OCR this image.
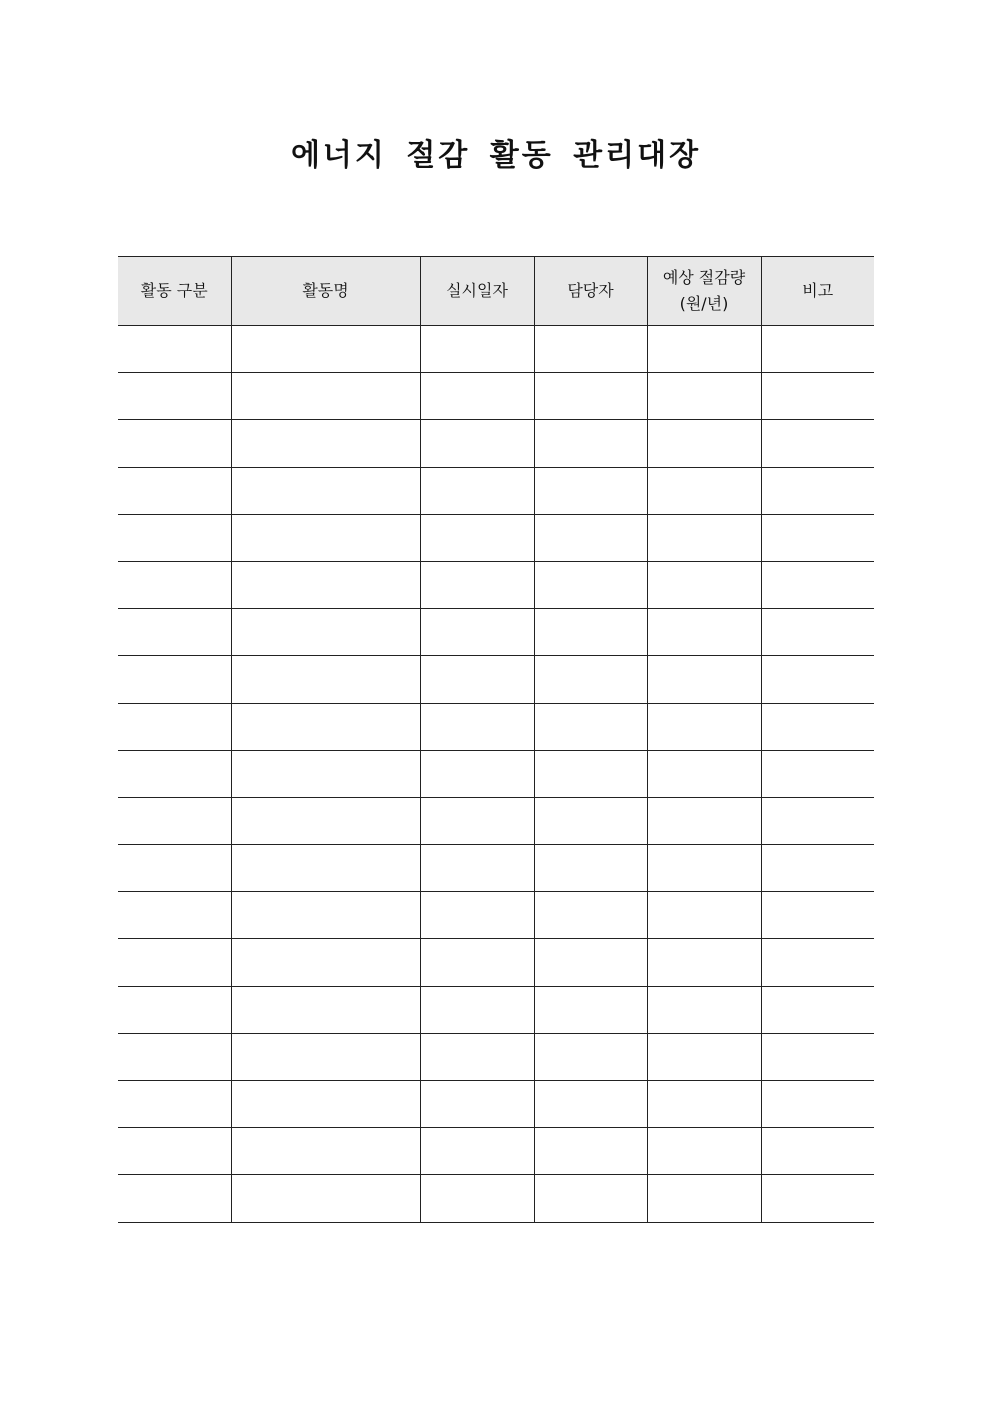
에너지 절감 활동 관리대장
활동 구분	활동명	실시일자	담당자	예상 절감량(원/년)	비고
